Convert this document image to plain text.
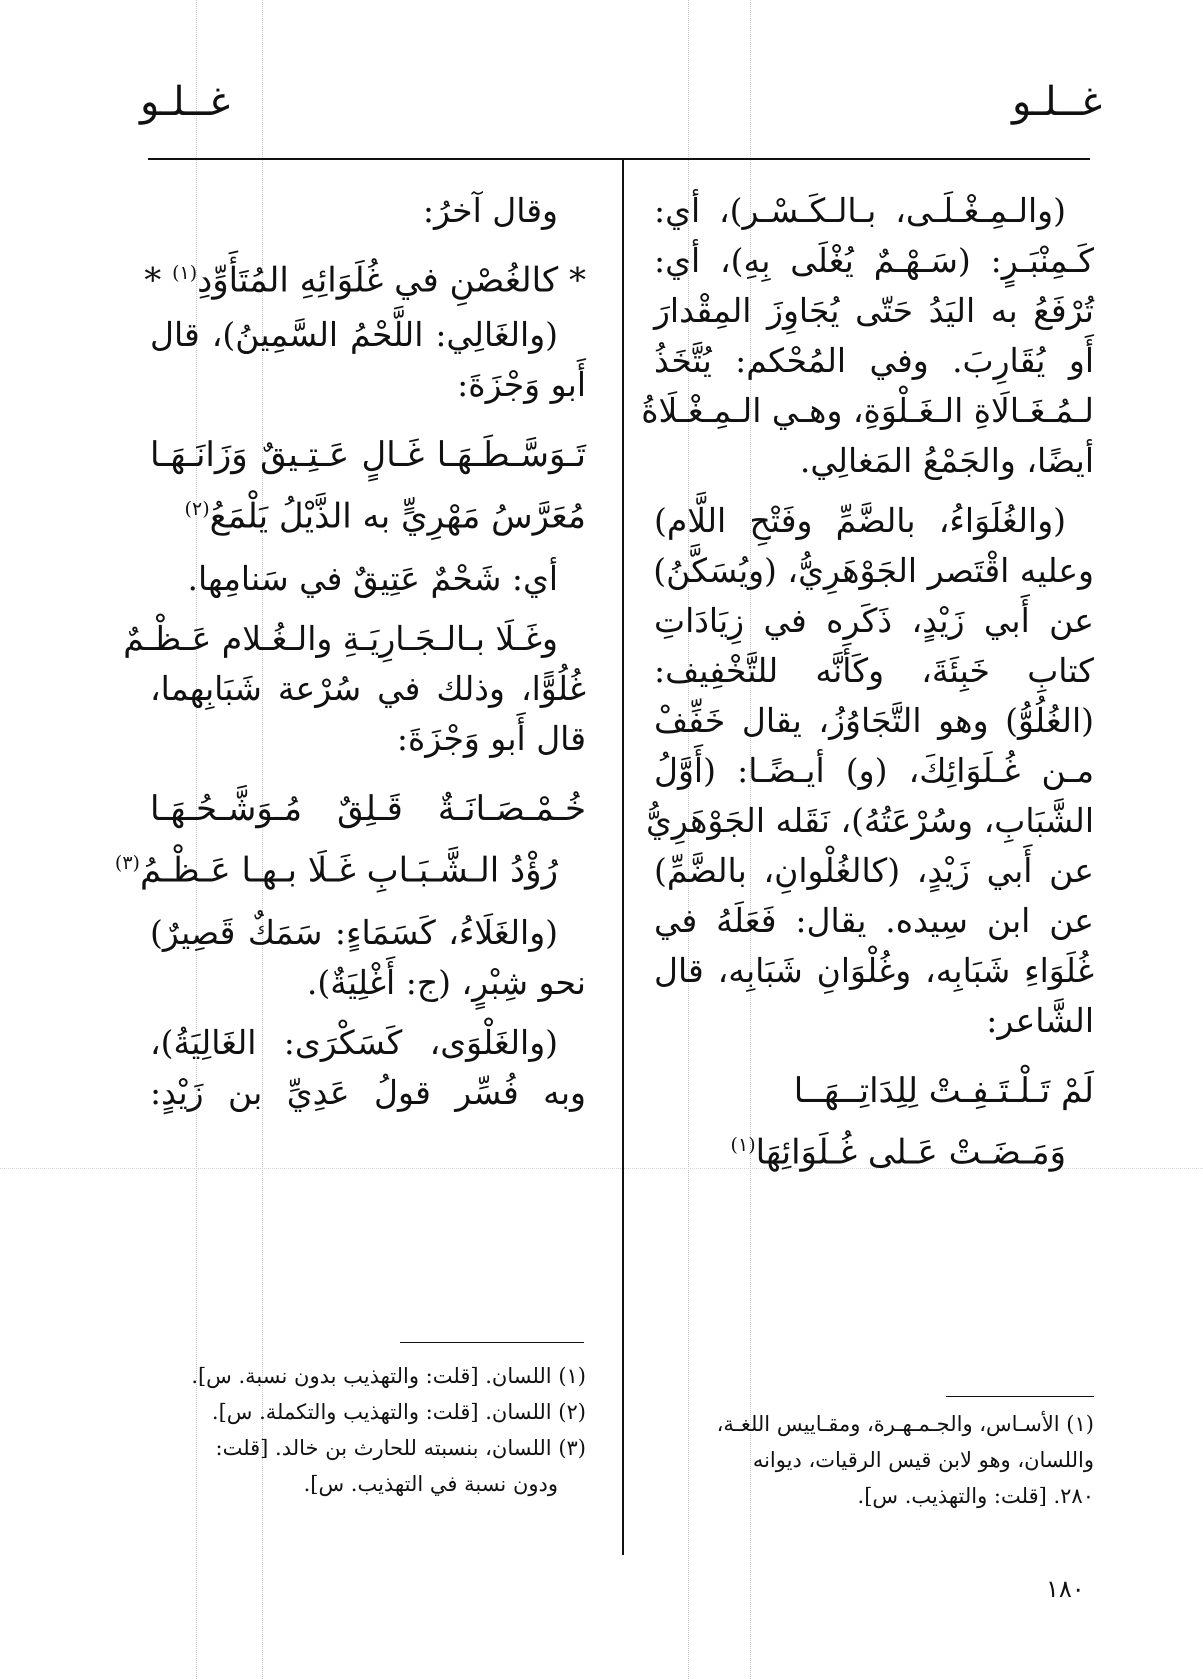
غــلـو
غــلـو
(والـمِـغْـلَـى، بـالـكَـسْـر)، أي:
كَـمِنْبَـرٍ: (سَـهْـمٌ يُغْلَى بِهِ)، أي:
تُرْفَعُ به اليَدُ حَتّى يُجَاوِزَ المِقْدارَ
أَو يُقَارِبَ. وفي المُحْكم: يُتَّخَذُ
لـمُـغَـالَاةِ الـغَـلْوَةِ، وهـي الـمِـغْـلَاةُ
أيضًا، والجَمْعُ المَغالِي.
(والغُلَوَاءُ، بالضَّمِّ وفَتْحِ اللَّام)
وعليه اقْتَصر الجَوْهَرِيُّ، (ويُسَكَّنُ)
عن أَبي زَيْدٍ، ذَكَره في زِيَادَاتِ
كتابِ خَبِئَةَ، وكَأَنَّه للتَّخْفِيف:
(الغُلُوُّ) وهو التَّجَاوُزُ، يقال خَفِّفْ
مـن غُـلَوَائِكَ، (و) أيـضًـا: (أَوَّلُ
الشَّبَابِ، وسُرْعَتُهُ)، نَقَله الجَوْهَرِيُّ
عن أَبي زَيْدٍ، (كالغُلْوانِ، بالضَّمِّ)
عن ابن سِيده. يقال: فَعَلَهُ في
غُلَوَاءِ شَبَابِه، وغُلْوَانِ شَبَابِه، قال
الشَّاعر:
لَمْ تَـلْـتَـفِـتْ لِلِدَاتِــهَــا
وَمَـضَـتْ عَـلى غُـلَوَائِهَا$^{(١)}$
(١) الأسـاس، والجـمـهـرة، ومقـاييس اللغـة،
واللسان، وهو لابن قيس الرقيات، ديوانه
٢٨٠. [قلت: والتهذيب. س].
وقال آخرُ:
* كالغُصْنِ في غُلَوَائِهِ المُتَأَوِّدِ$^{(١)}$ *
(والغَالِي: اللَّحْمُ السَّمِينُ)، قال
أَبو وَجْزَةَ:
تَـوَسَّـطَـهَـا غَـالٍ عَـتِـيقٌ وَزَانَـهَـا
مُعَرَّسُ مَهْرِيٍّ به الذَّيْلُ يَلْمَعُ$^{(٢)}$
أي: شَحْمٌ عَتِيقٌ في سَنامِها.
وغَـلَا بـالـجَـارِيَـةِ والـغُـلام عَـظْـمٌ
غُلُوًّا، وذلك في سُرْعة شَبَابِهما،
قال أَبو وَجْزَةَ:
خُـمْـصَـانَـةٌ قَـلِقٌ مُـوَشَّـحُـهَـا
رُؤْدُ الـشَّـبَـابِ غَـلَا بـهـا عَـظْـمُ$^{(٣)}$
(والغَلَاءُ، كَسَمَاءٍ: سَمَكٌ قَصِيرٌ)
نحو شِبْرٍ، (ج: أَغْلِيَةٌ).
(والغَلْوَى، كَسَكْرَى: الغَالِيَةُ)،
وبه فُسِّر قولُ عَدِيِّ بن زَيْدٍ:
(١) اللسان. [قلت: والتهذيب بدون نسبة. س].
(٢) اللسان. [قلت: والتهذيب والتكملة. س].
(٣) اللسان، بنسبته للحارث بن خالد. [قلت:
ودون نسبة في التهذيب. س].
١٨٠
